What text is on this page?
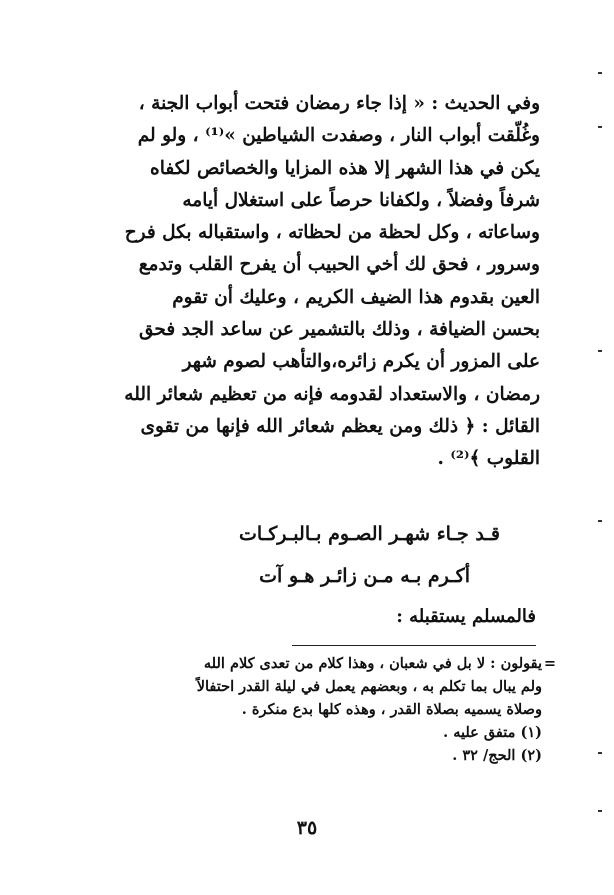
وفي الحديث : « إذا جاء رمضان فتحت أبواب الجنة ،
وغُلّقت أبواب النار ، وصفدت الشياطين »⁽¹⁾ ، ولو لم
يكن في هذا الشهر إلا هذه المزايا والخصائص لكفاه
شرفاً وفضلاً ، ولكفانا حرصاً على استغلال أيامه
وساعاته ، وكل لحظة من لحظاته ، واستقباله بكل فرح
وسرور ، فحق لك أخي الحبيب أن يفرح القلب وتدمع
العين بقدوم هذا الضيف الكريم ، وعليك أن تقوم
بحسن الضيافة ، وذلك بالتشمير عن ساعد الجد فحق
على المزور أن يكرم زائره،والتأهب لصوم شهر
رمضان ، والاستعداد لقدومه فإنه من تعظيم شعائر الله
القائل : ﴿ ذلك ومن يعظم شعائر الله فإنها من تقوى
القلوب ﴾⁽²⁾ .
قـد جـاء شهـر الصـوم بـالبـركـات
أكـرم بـه مـن زائـر هـو آت
فالمسلم يستقبله :
=
يقولون : لا بل في شعبان ، وهذا كلام من تعدى كلام الله
ولم يبال بما تكلم به ، وبعضهم يعمل في ليلة القدر احتفالاً
وصلاة يسميه بصلاة القدر ، وهذه كلها بدع منكرة .
(١) متفق عليه .
(٢) الحج/ ٣٢ .
٣٥
